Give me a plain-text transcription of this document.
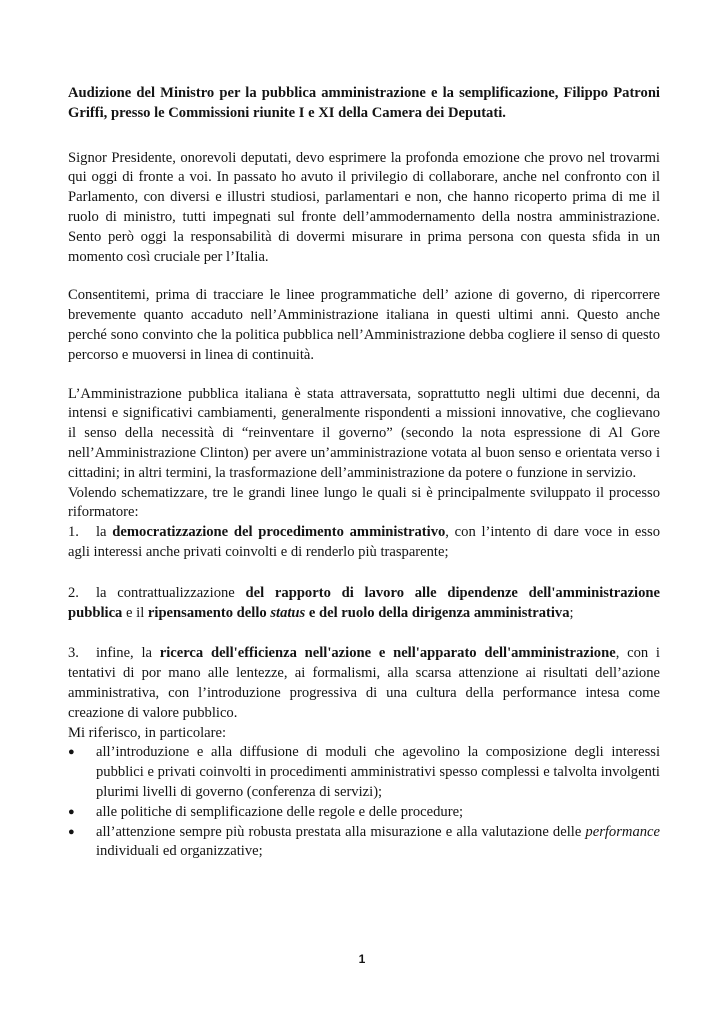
Audizione del Ministro per la pubblica amministrazione e la semplificazione, Filippo Patroni Griffi, presso le Commissioni riunite I e XI della Camera dei Deputati.

Signor Presidente, onorevoli deputati, devo esprimere la profonda emozione che provo nel trovarmi qui oggi di fronte a voi. In passato ho avuto il privilegio di collaborare, anche nel confronto con il Parlamento, con diversi e illustri studiosi, parlamentari e non, che hanno ricoperto prima di me il ruolo di ministro, tutti impegnati sul fronte dell’ammodernamento della nostra amministrazione. Sento però oggi la responsabilità di dovermi misurare in prima persona con questa sfida in un momento così cruciale per l’Italia.

Consentitemi, prima di tracciare le linee programmatiche dell’ azione di governo, di ripercorrere brevemente quanto accaduto nell’Amministrazione italiana in questi ultimi anni. Questo anche perché sono convinto che la politica pubblica nell’Amministrazione debba cogliere il senso di questo percorso e muoversi in linea di continuità.

L’Amministrazione pubblica italiana è stata attraversata, soprattutto negli ultimi due decenni, da intensi e significativi cambiamenti, generalmente rispondenti a missioni innovative, che coglievano il senso della necessità di “reinventare il governo” (secondo la nota espressione di Al Gore nell’Amministrazione Clinton) per avere un’amministrazione votata al buon senso e orientata verso i cittadini; in altri termini, la trasformazione dell’amministrazione da potere o funzione in servizio.

Volendo schematizzare, tre le grandi linee lungo le quali si è principalmente sviluppato il processo riformatore:

1. la democratizzazione del procedimento amministrativo, con l’intento di dare voce in esso agli interessi anche privati coinvolti e di renderlo più trasparente;

2. la contrattualizzazione del rapporto di lavoro alle dipendenze dell'amministrazione pubblica e il ripensamento dello status e del ruolo della dirigenza amministrativa;

3. infine, la ricerca dell'efficienza nell'azione e nell'apparato dell'amministrazione, con i tentativi di por mano alle lentezze, ai formalismi, alla scarsa attenzione ai risultati dell’azione amministrativa, con l’introduzione progressiva di una cultura della performance intesa come creazione di valore pubblico.

Mi riferisco, in particolare:

●	all’introduzione e alla diffusione di moduli che agevolino la composizione degli interessi pubblici e privati coinvolti in procedimenti amministrativi spesso complessi e talvolta involgenti plurimi livelli di governo (conferenza di servizi);
●	alle politiche di semplificazione delle regole e delle procedure;
●	all’attenzione sempre più robusta prestata alla misurazione e alla valutazione delle performance individuali ed organizzative;
1
